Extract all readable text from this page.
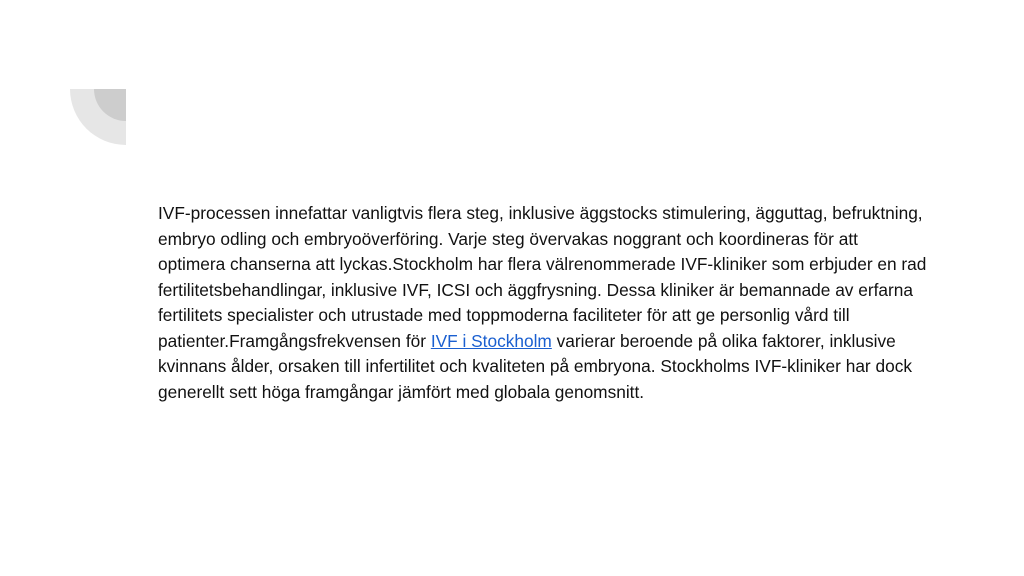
IVF-processen innefattar vanligtvis flera steg, inklusive äggstocks stimulering, ägguttag, befruktning, embryo odling och embryoöverföring. Varje steg övervakas noggrant och koordineras för att optimera chanserna att lyckas.Stockholm har flera välrenommerade IVF-kliniker som erbjuder en rad fertilitetsbehandlingar, inklusive IVF, ICSI och äggfrysning. Dessa kliniker är bemannade av erfarna fertilitets specialister och utrustade med toppmoderna faciliteter för att ge personlig vård till patienter.Framgångsfrekvensen för IVF i Stockholm varierar beroende på olika faktorer, inklusive kvinnans ålder, orsaken till infertilitet och kvaliteten på embryona. Stockholms IVF-kliniker har dock generellt sett höga framgångar jämfört med globala genomsnitt.
